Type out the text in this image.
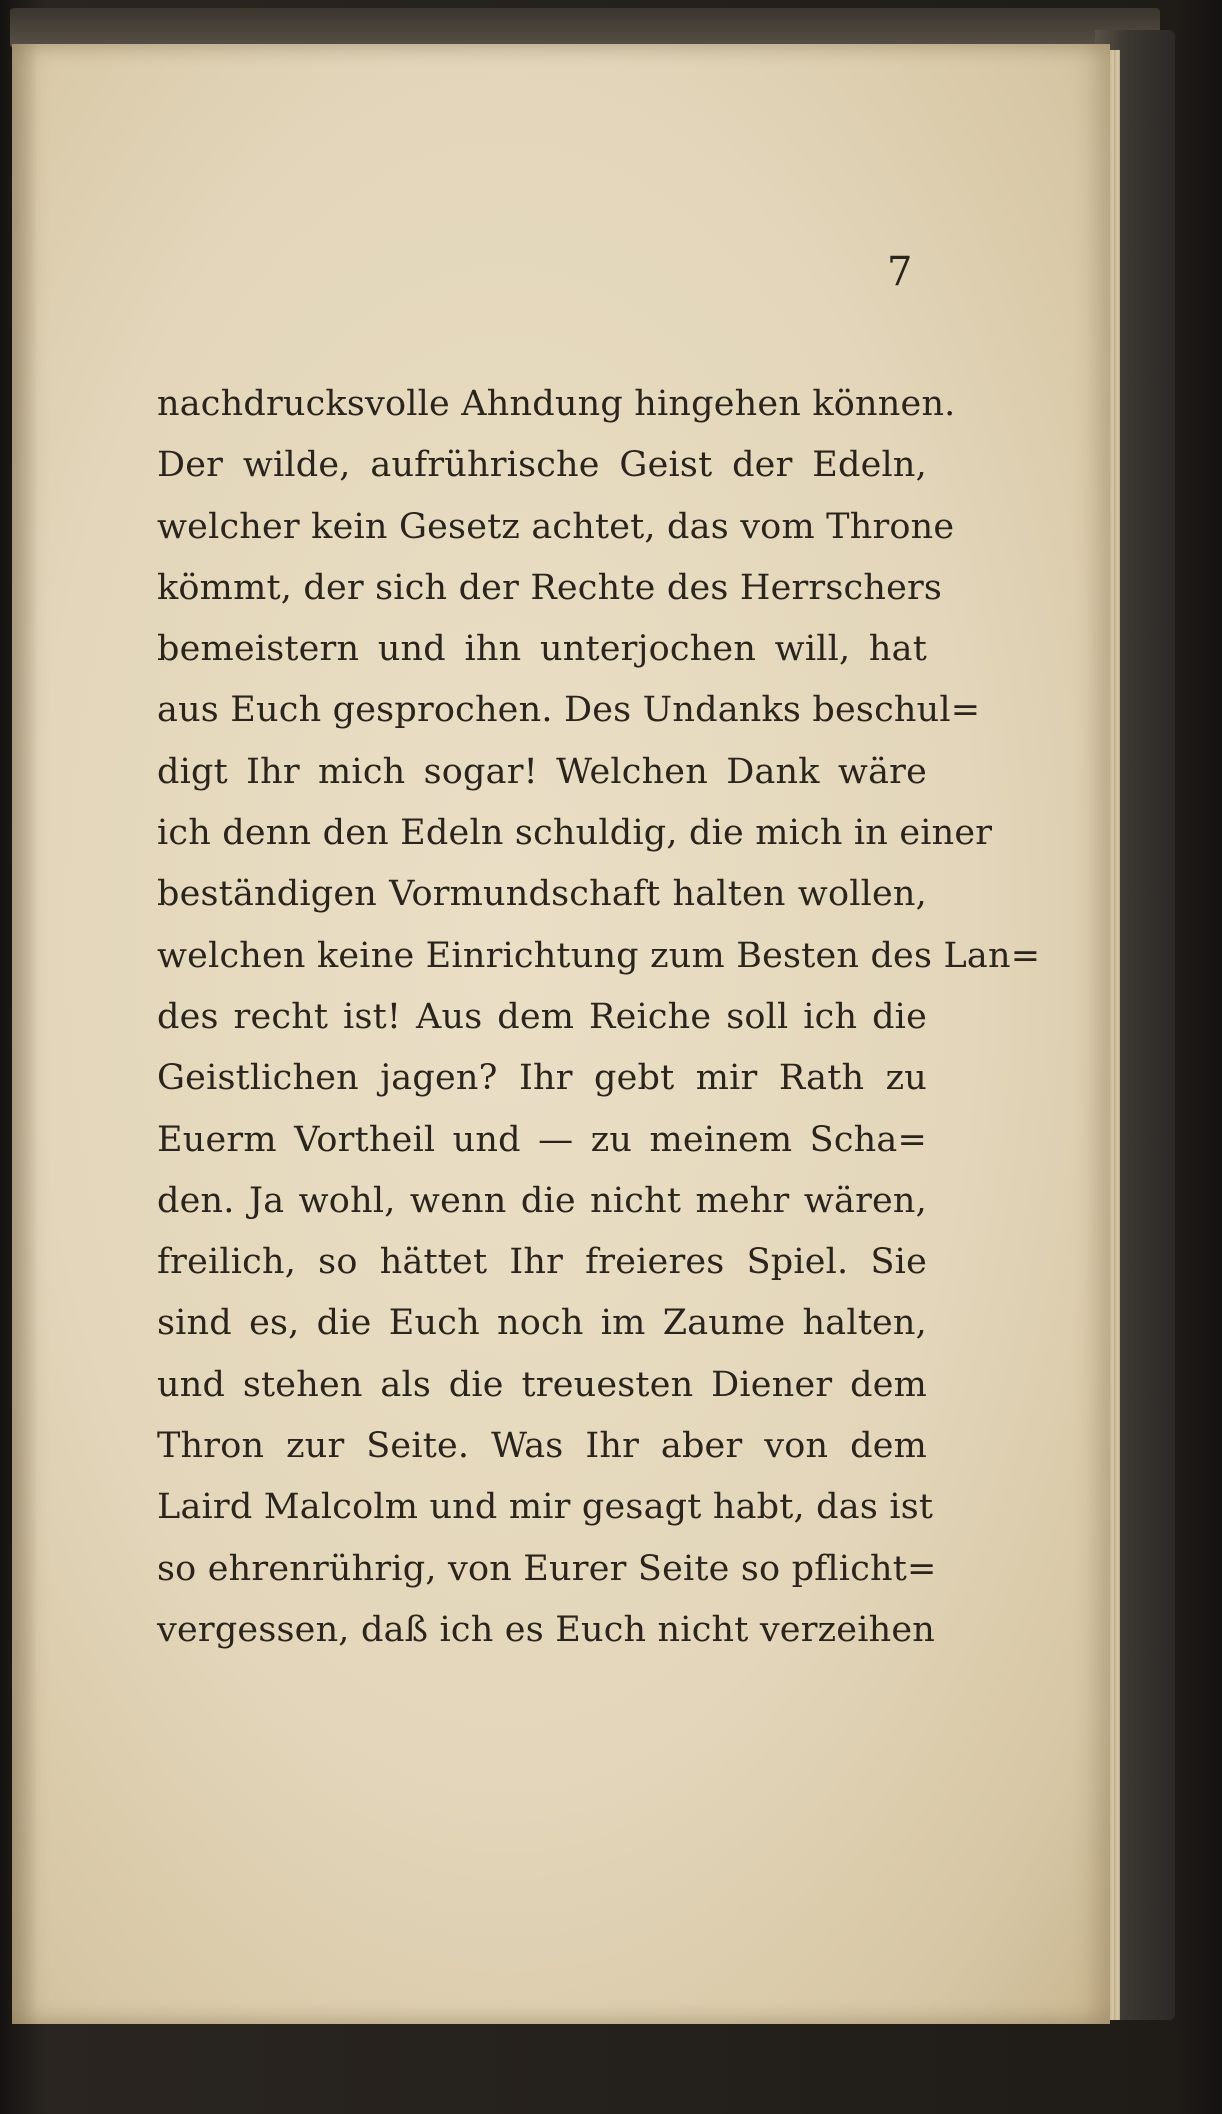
7
nachdrucksvolle Ahndung hingehen können.
Der wilde, aufrührische Geist der Edeln,
welcher kein Gesetz achtet, das vom Throne
kömmt, der sich der Rechte des Herrschers
bemeistern und ihn unterjochen will, hat
aus Euch gesprochen. Des Undanks beschul=
digt Ihr mich sogar! Welchen Dank wäre
ich denn den Edeln schuldig, die mich in einer
beständigen Vormundschaft halten wollen,
welchen keine Einrichtung zum Besten des Lan=
des recht ist! Aus dem Reiche soll ich die
Geistlichen jagen? Ihr gebt mir Rath zu
Euerm Vortheil und — zu meinem Scha=
den. Ja wohl, wenn die nicht mehr wären,
freilich, so hättet Ihr freieres Spiel. Sie
sind es, die Euch noch im Zaume halten,
und stehen als die treuesten Diener dem
Thron zur Seite. Was Ihr aber von dem
Laird Malcolm und mir gesagt habt, das ist
so ehrenrührig, von Eurer Seite so pflicht=
vergessen, daß ich es Euch nicht verzeihen
